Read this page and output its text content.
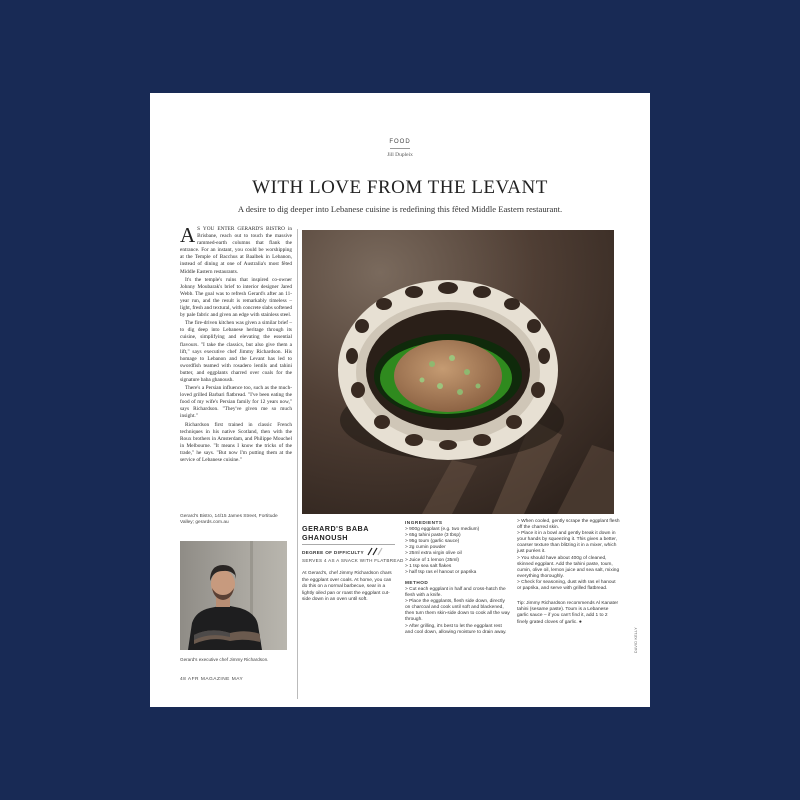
FOOD
Jill Dupleix
WITH LOVE FROM THE LEVANT
A desire to dig deeper into Lebanese cuisine is redefining this fêted Middle Eastern restaurant.

A S YOU ENTER GERARD'S BISTRO in Brisbane, reach out to touch the massive rammed-earth columns that flank the entrance. For an instant, you could be worshipping at the Temple of Bacchus at Baalbek in Lebanon, instead of dining at one of Australia's most fêted Middle Eastern restaurants.

It's the temple's ruins that inspired co-owner Johnny Moubarak's brief to interior designer Jared Webb. The goal was to refresh Gerard's after an 11-year run, and the result is remarkably timeless – light, fresh and textural, with concrete slabs softened by pale fabric and given an edge with stainless steel.

The fire-driven kitchen was given a similar brief – to dig deep into Lebanese heritage through its cuisine, simplifying and elevating the essential flavours. "I take the classics, but also give them a lift," says executive chef Jimmy Richardson. His homage to Lebanon and the Levant has led to swordfish teamed with rosadero lentils and tahini butter, and eggplants charred over coals for the signature baba ghanoush.

There's a Persian influence too, such as the much-loved grilled Barbari flatbread. "I've been eating the food of my wife's Persian family for 12 years now," says Richardson. "They've given me so much insight."

Richardson first trained in classic French techniques in his native Scotland, then with the Roux brothers in Amsterdam, and Philippe Mouchel in Melbourne. "It means I know the tricks of the trade," he says. "But now I'm putting them at the service of Lebanese cuisine."

Gerard's Bistro, 14/15 James Street, Fortitude Valley; gerards.com.au
Gerard's executive chef Jimmy Richardson.
GERARD'S BABA GHANOUSH
DEGREE OF DIFFICULTY
SERVES 4 AS A SNACK WITH FLATBREAD
At Gerard's, chef Jimmy Richardson chars the eggplant over coals. At home, you can do this on a normal barbecue, sear in a lightly oiled pan or roast the eggplant cut-side down in an oven until soft.
INGREDIENTS
> 900g eggplant (e.g. two medium)
> 65g tahini paste (3 tbsp)
> 95g toum (garlic sauce)
> 2g cumin powder
> 25ml extra virgin olive oil
> Juice of 1 lemon (35ml)
> 1 tsp sea salt flakes
> half tsp ras el hanout or paprika
METHOD
> Cut each eggplant in half and cross-hatch the flesh with a knife.
> Place the eggplants, flesh side down, directly on charcoal and cook until soft and blackened, then turn them skin-side down to cook all the way through.
> After grilling, it's best to let the eggplant rest and cool down, allowing moisture to drain away.
> When cooled, gently scrape the eggplant flesh off the charred skin.
> Place it in a bowl and gently break it down in your hands by squeezing it. This gives a better, coarser texture than blitzing it in a mixer, which just purées it.
> You should have about 400g of cleaned, skinned eggplant. Add the tahini paste, toum, cumin, olive oil, lemon juice and sea salt, mixing everything thoroughly.
> Check for seasoning, dust with ras el hanout or paprika, and serve with grilled flatbread.
Tip: Jimmy Richardson recommends Al Kanater tahini (sesame paste). Toum is a Lebanese garlic sauce – if you can't find it, add 1 to 2 finely grated cloves of garlic. ●
DAVID KELLY
48 AFR MAGAZINE MAY
